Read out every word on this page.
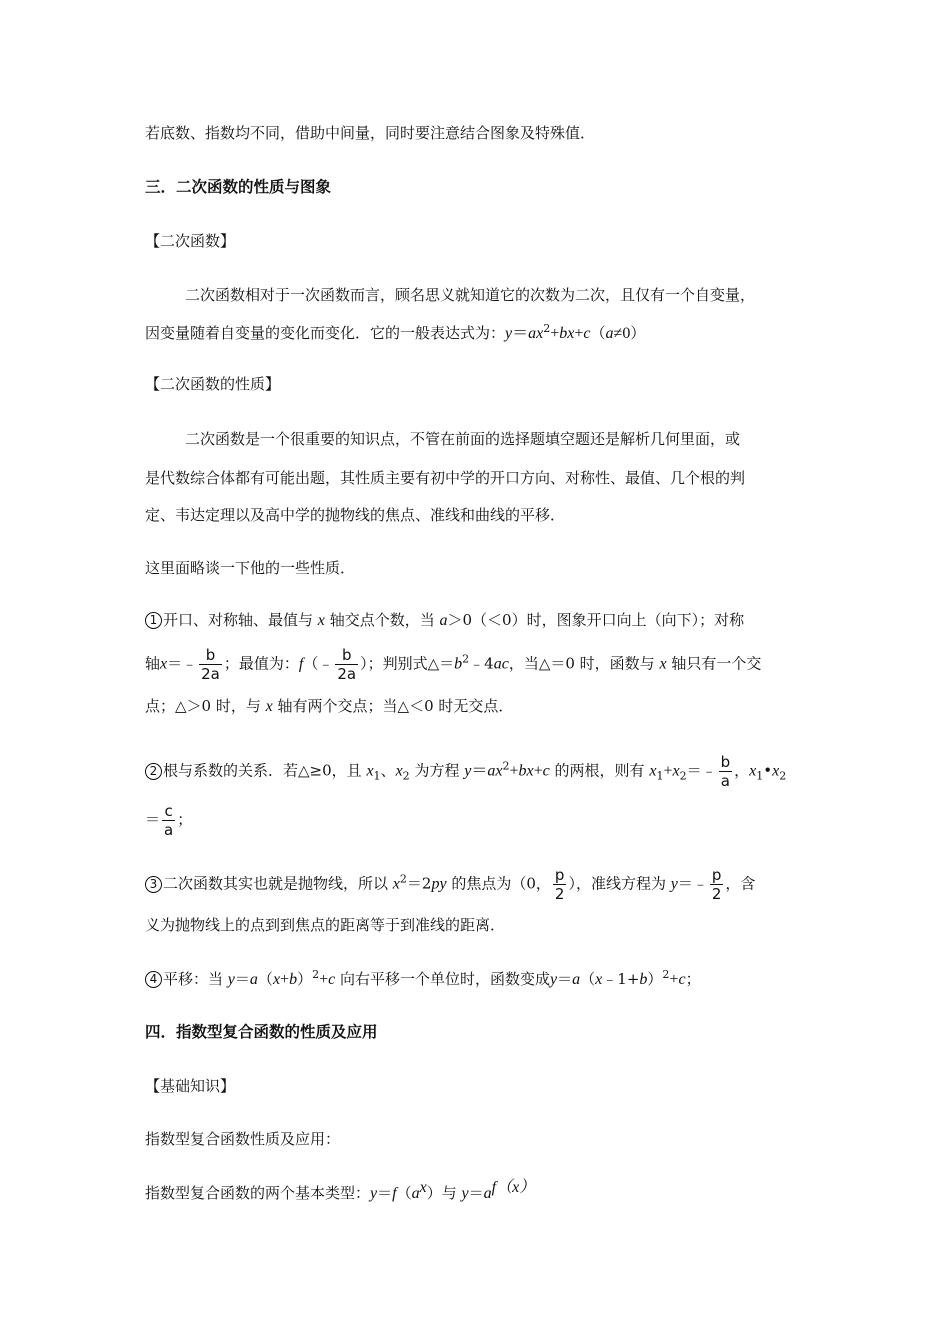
若底数、指数均不同，借助中间量，同时要注意结合图象及特殊值．
三．二次函数的性质与图象
【二次函数】
二次函数相对于一次函数而言，顾名思义就知道它的次数为二次，且仅有一个自变量，
因变量随着自变量的变化而变化．它的一般表达式为：$y=ax^2+bx+c(a\ne 0)$
【二次函数的性质】
二次函数是一个很重要的知识点，不管在前面的选择题填空题还是解析几何里面，或
是代数综合体都有可能出题，其性质主要有初中学的开口方向、对称性、最值、几个根的判
定、韦达定理以及高中学的抛物线的焦点、准线和曲线的平移．
这里面略谈一下他的一些性质．
1 开口、对称轴、最值与 x 轴交点个数，当 a＞0（＜0）时，图象开口向上（向下）；对称
轴x＝﹣ $\frac{b}{2a}$ ；最值为：f（﹣ $\frac{b}{2a}$ ）；判别式$\triangle=b^2﹣4ac$，当△＝0 时，函数与 x 轴只有一个交
点；△＞0 时，与 x 轴有两个交点；当△＜0 时无交点．
2 根与系数的关系．若△≥0，且 $x_1$、$x_2$ 为方程 $y=ax^2+bx+c$ 的两根，则有 $x_1+x_2=﹣ \frac{b}{a}$ ，$x_1•x_2$
＝ $\frac{c}{a}$ ；
3 二次函数其实也就是抛物线，所以 $x^2=2py$ 的焦点为（0， $\frac{p}{2}$ ），准线方程为 y＝﹣ $\frac{p}{2}$ ，含
义为抛物线上的点到到焦点的距离等于到准线的距离．
4 平移：当 $y=a(x+b)^2+c$ 向右平移一个单位时，函数变成y＝a（x﹣1+b）$^2$+c；
四．指数型复合函数的性质及应用
【基础知识】
指数型复合函数性质及应用：
指数型复合函数的两个基本类型：$y=f(a^x)$与 $y=a^{f(x)}$
